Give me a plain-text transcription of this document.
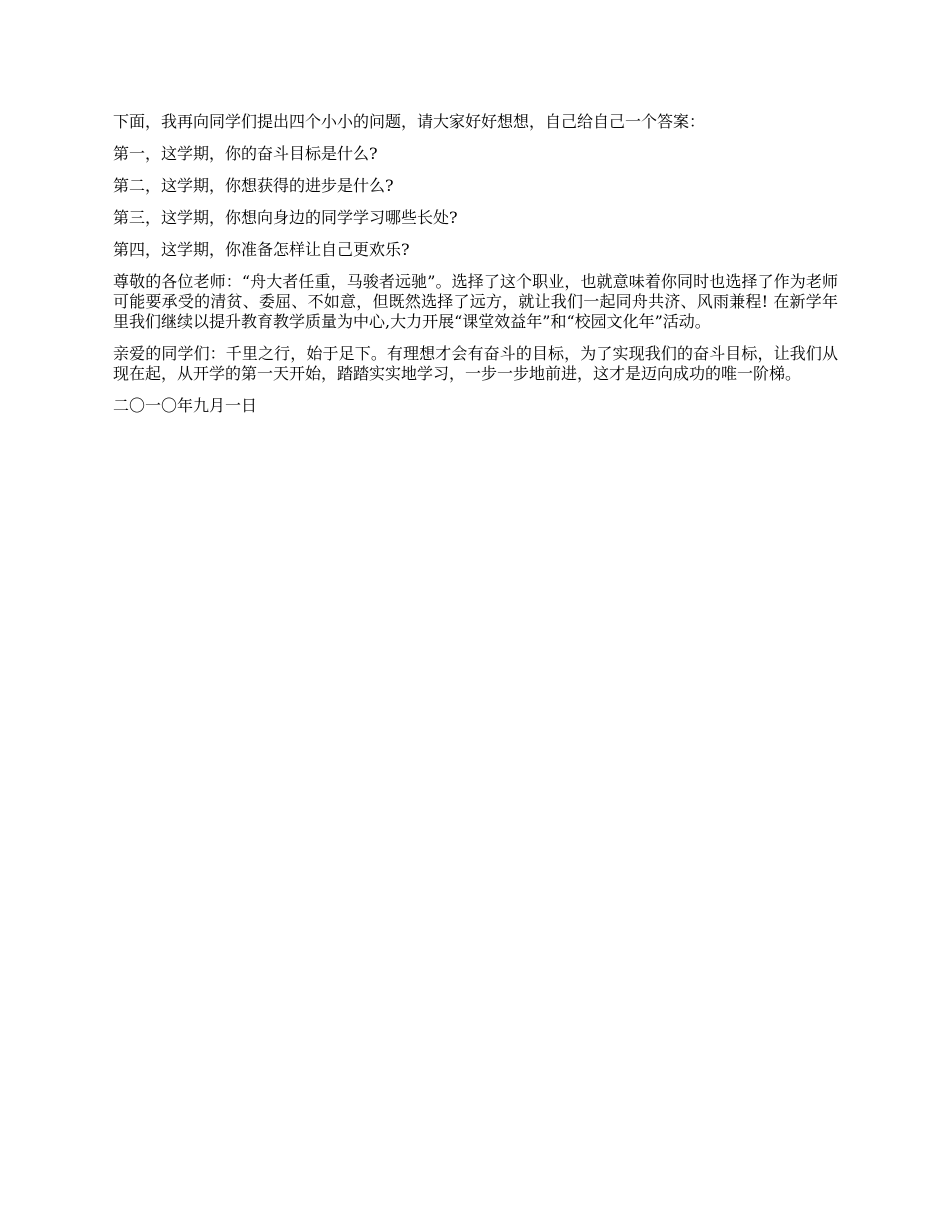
下面，我再向同学们提出四个小小的问题，请大家好好想想，自己给自己一个答案：

第一，这学期，你的奋斗目标是什么?

第二，这学期，你想获得的进步是什么?

第三，这学期，你想向身边的同学学习哪些长处?

第四，这学期，你准备怎样让自己更欢乐?

尊敬的各位老师：“舟大者任重，马骏者远驰”。选择了这个职业，也就意味着你同时也选择了作为老师可能要承受的清贫、委屈、不如意，但既然选择了远方，就让我们一起同舟共济、风雨兼程! 在新学年里我们继续以提升教育教学质量为中心,大力开展“课堂效益年”和“校园文化年”活动。

亲爱的同学们：千里之行，始于足下。有理想才会有奋斗的目标，为了实现我们的奋斗目标，让我们从现在起，从开学的第一天开始，踏踏实实地学习，一步一步地前进，这才是迈向成功的唯一阶梯。

二〇一〇年九月一日
